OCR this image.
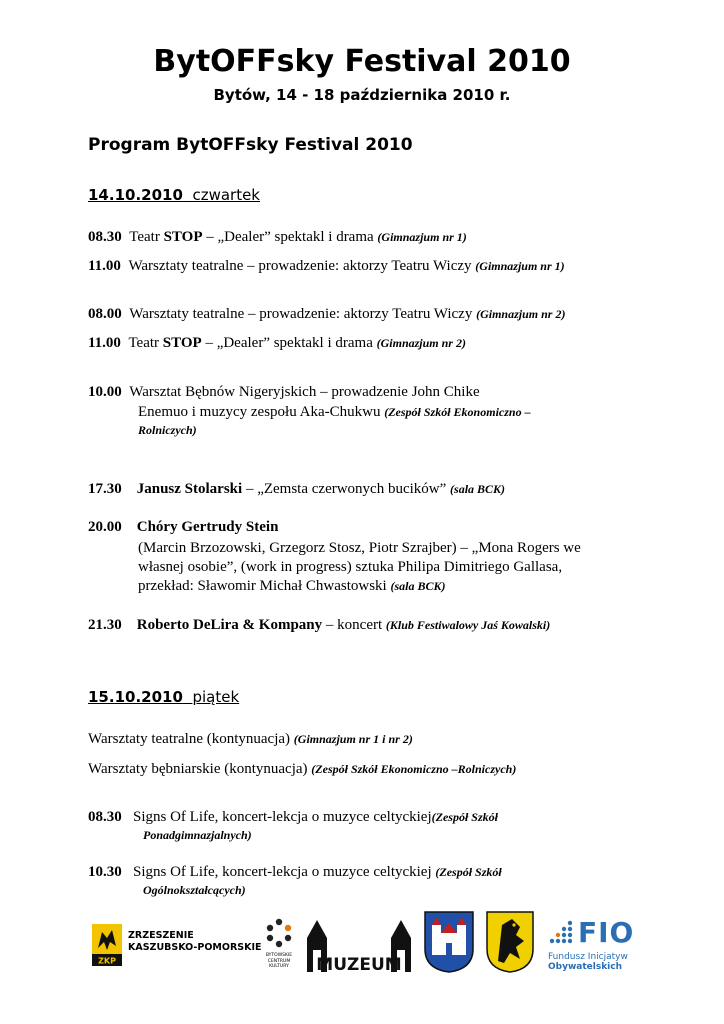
BytOFFsky Festival 2010
Bytów, 14 - 18 października 2010 r.
Program BytOFFsky Festival 2010
14.10.2010 czwartek
08.30 Teatr STOP – „Dealer” spektakl i drama (Gimnazjum nr 1)
11.00 Warsztaty teatralne – prowadzenie: aktorzy Teatru Wiczy (Gimnazjum nr 1)
08.00 Warsztaty teatralne – prowadzenie: aktorzy Teatru Wiczy (Gimnazjum nr 2)
11.00 Teatr STOP – „Dealer” spektakl i drama (Gimnazjum nr 2)
10.00 Warsztat Bębnów Nigeryjskich – prowadzenie John Chike
Enemuo i muzycy zespołu Aka-Chukwu (Zespół Szkół Ekonomiczno –
Rolniczych)
17.30 Janusz Stolarski – „Zemsta czerwonych bucików” (sala BCK)
20.00 Chóry Gertrudy Stein
(Marcin Brzozowski, Grzegorz Stosz, Piotr Szrajber) – „Mona Rogers we
własnej osobie”, (work in progress) sztuka Philipa Dimitriego Gallasa,
przekład: Sławomir Michał Chwastowski (sala BCK)
21.30 Roberto DeLira & Kompany – koncert (Klub Festiwalowy Jaś Kowalski)
15.10.2010 piątek
Warsztaty teatralne (kontynuacja) (Gimnazjum nr 1 i nr 2)
Warsztaty bębniarskie (kontynuacja) (Zespół Szkół Ekonomiczno –Rolniczych)
08.30 Signs Of Life, koncert-lekcja o muzyce celtyckiej(Zespół Szkół
Ponadgimnazjalnych)
10.30 Signs Of Life, koncert-lekcja o muzyce celtyckiej (Zespół Szkół
Ogólnokształcących)
ZKP
ZRZESZENIE
KASZUBSKO-POMORSKIE
BYTOWSKIE CENTRUM KULTURY	MUZEUM
FIO
Fundusz Inicjatyw
Obywatelskich
